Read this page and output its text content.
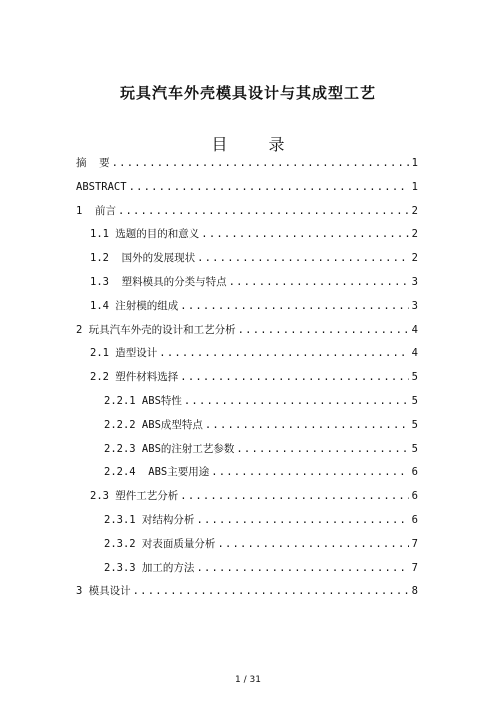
玩具汽车外壳模具设计与其成型工艺
目 录
摘  要 .....	1
ABSTRACT .....	1
1  前言 .....	2
1.1 选题的目的和意义 .....	2
1.2  国外的发展现状 .....	2
1.3  塑料模具的分类与特点 .....	3
1.4 注射模的组成 .....	3
2 玩具汽车外壳的设计和工艺分析 .....	4
2.1 造型设计 .....	4
2.2 塑件材料选择 .....	5
2.2.1 ABS特性 .....	5
2.2.2 ABS成型特点 .....	5
2.2.3 ABS的注射工艺参数 .....	5
2.2.4  ABS主要用途 .....	6
2.3 塑件工艺分析 .....	6
2.3.1 对结构分析 .....	6
2.3.2 对表面质量分析 .....	7
2.3.3 加工的方法 .....	7
3 模具设计 .....	8
1 / 31
